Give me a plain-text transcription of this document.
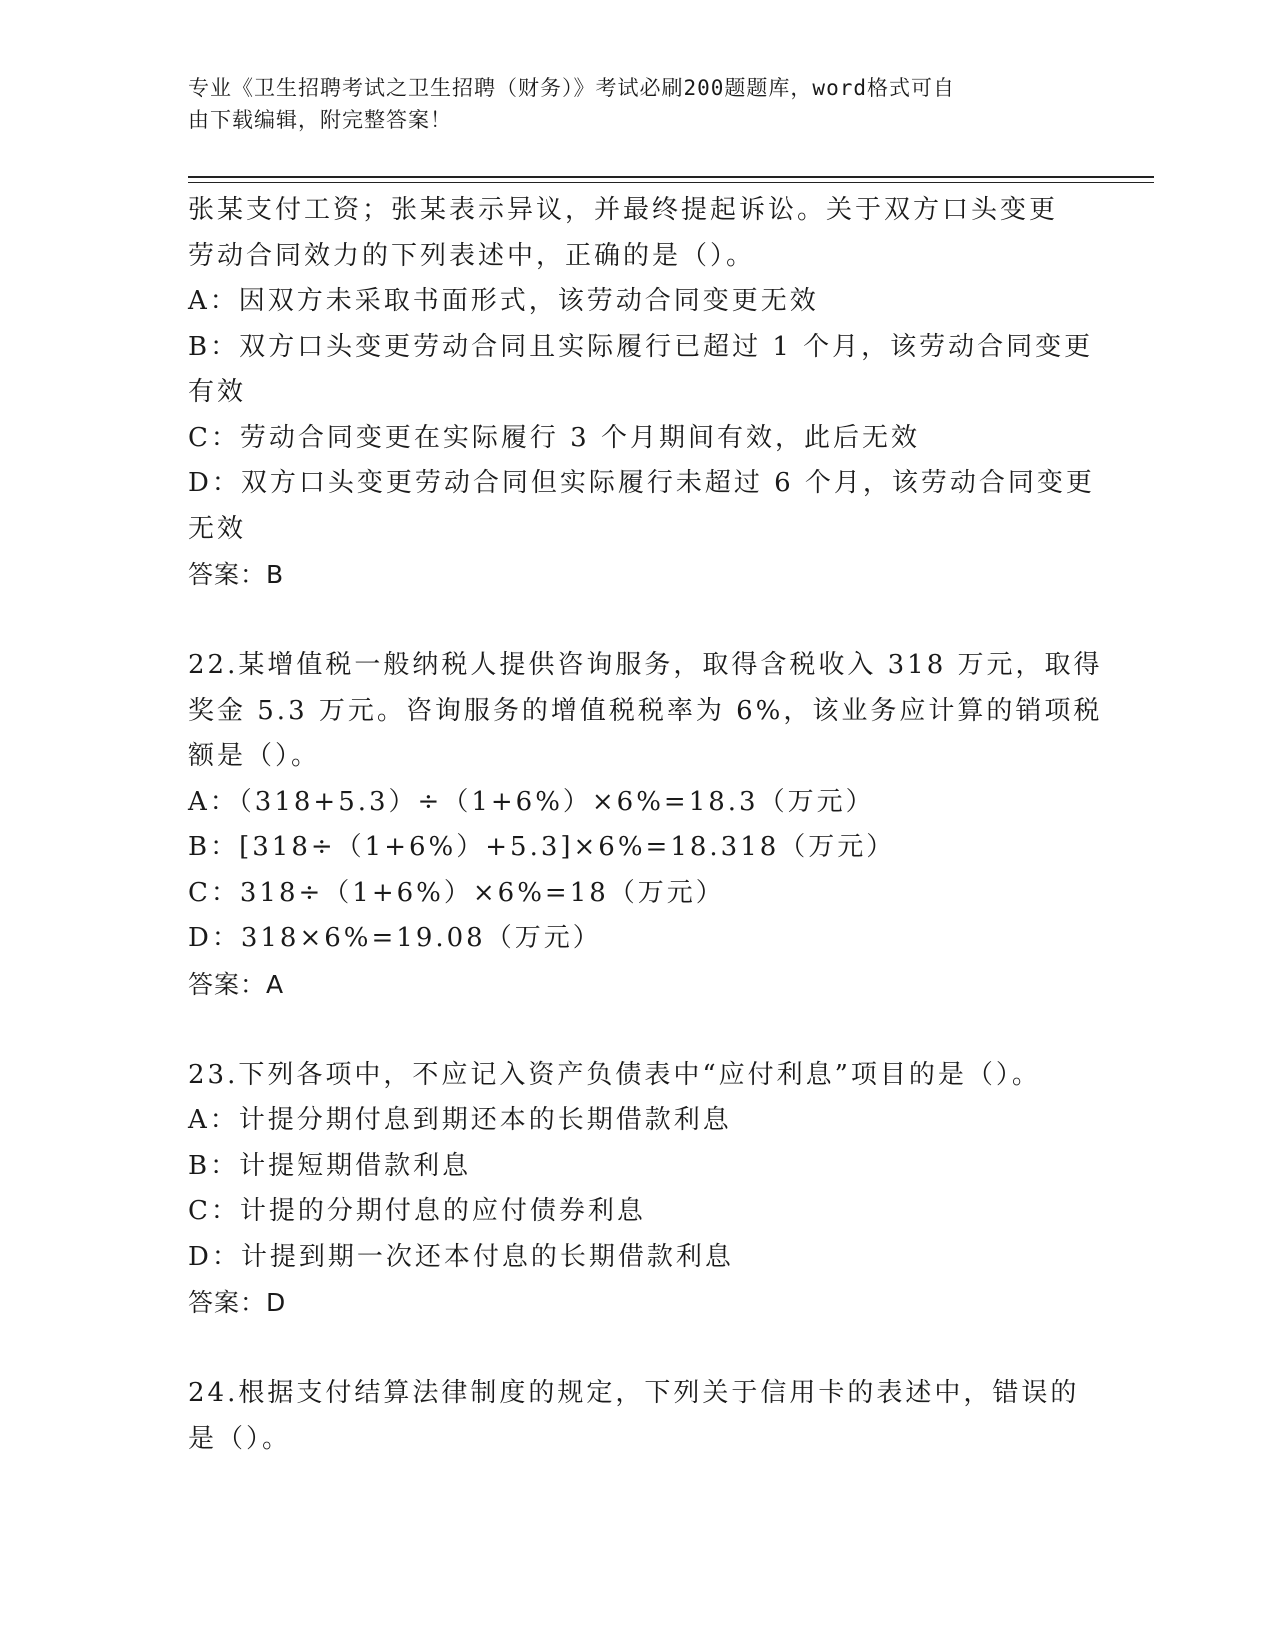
专业《卫生招聘考试之卫生招聘（财务）》考试必刷200题题库，word格式可自
由下载编辑，附完整答案！
张某支付工资；张某表示异议，并最终提起诉讼。关于双方口头变更
劳动合同效力的下列表述中，正确的是（）。
A：因双方未采取书面形式，该劳动合同变更无效
B：双方口头变更劳动合同且实际履行已超过 1 个月，该劳动合同变更
有效
C：劳动合同变更在实际履行 3 个月期间有效，此后无效
D：双方口头变更劳动合同但实际履行未超过 6 个月，该劳动合同变更
无效
答案：B
22.某增值税一般纳税人提供咨询服务，取得含税收入 318 万元，取得
奖金 5.3 万元。咨询服务的增值税税率为 6%，该业务应计算的销项税
额是（）。
A：（318+5.3）÷（1+6%）×6%=18.3（万元）
B：[318÷（1+6%）+5.3]×6%=18.318（万元）
C：318÷（1+6%）×6%=18（万元）
D：318×6%=19.08（万元）
答案：A
23.下列各项中，不应记入资产负债表中“应付利息”项目的是（）。
A：计提分期付息到期还本的长期借款利息
B：计提短期借款利息
C：计提的分期付息的应付债券利息
D：计提到期一次还本付息的长期借款利息
答案：D
24.根据支付结算法律制度的规定，下列关于信用卡的表述中，错误的
是（）。
